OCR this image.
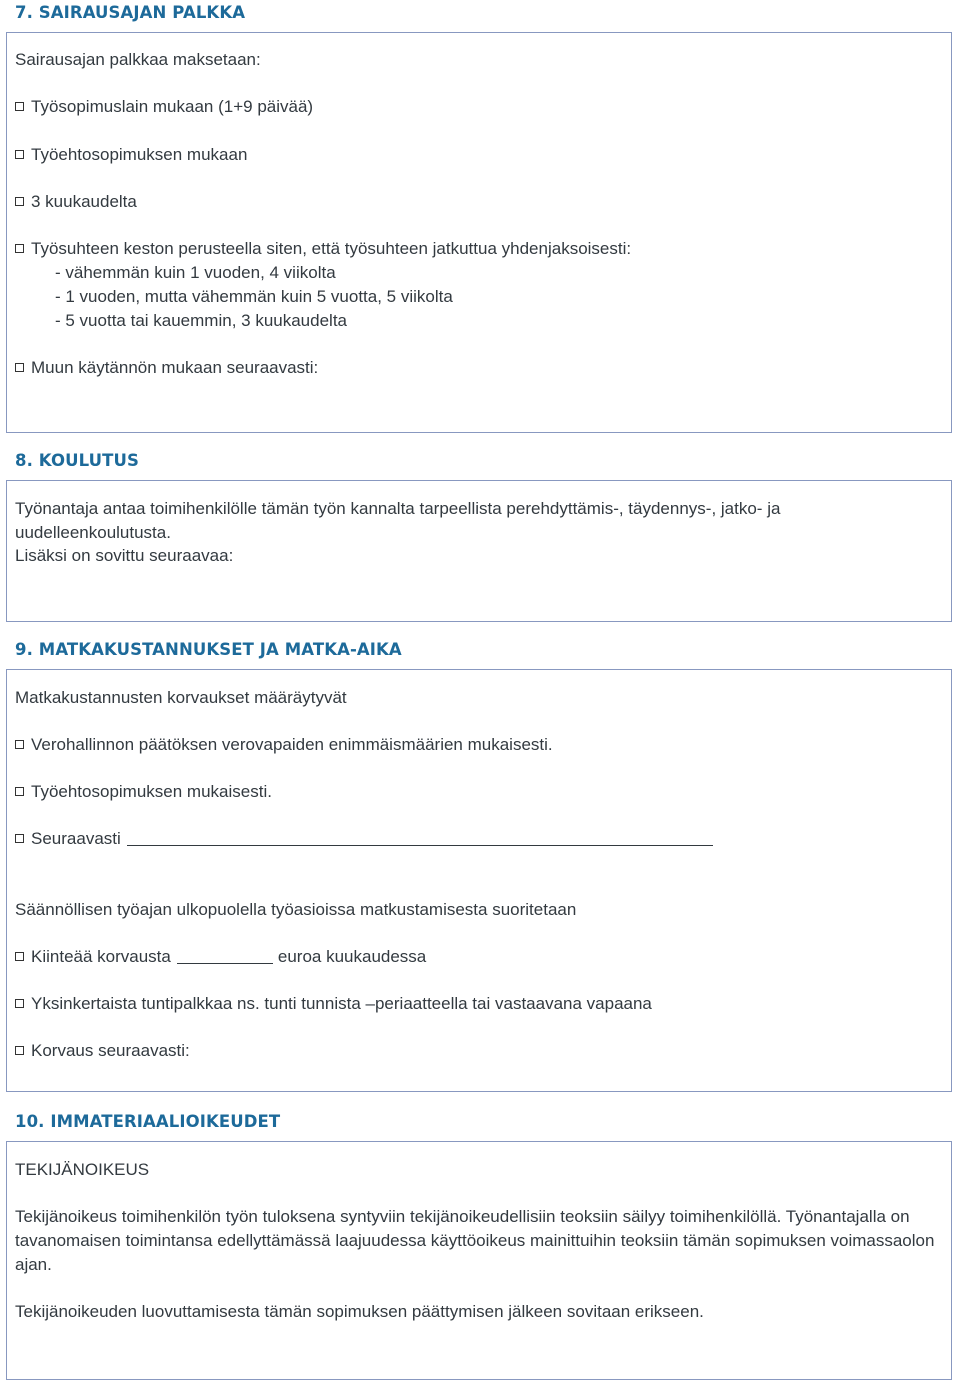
7. SAIRAUSAJAN PALKKA

Sairausajan palkkaa maksetaan:

Työsopimuslain mukaan (1+9 päivää)

Työehtosopimuksen mukaan

3 kuukaudelta

Työsuhteen keston perusteella siten, että työsuhteen jatkuttua yhdenjaksoisesti:

- vähemmän kuin 1 vuoden, 4 viikolta

- 1 vuoden, mutta vähemmän kuin 5 vuotta, 5 viikolta

- 5 vuotta tai kauemmin, 3 kuukaudelta

Muun käytännön mukaan seuraavasti:

8. KOULUTUS

Työnantaja antaa toimihenkilölle tämän työn kannalta tarpeellista perehdyttämis-, täydennys-, jatko- ja uudelleenkoulutusta.

Lisäksi on sovittu seuraavaa:

9. MATKAKUSTANNUKSET JA MATKA-AIKA

Matkakustannusten korvaukset määräytyvät

Verohallinnon päätöksen verovapaiden enimmäismäärien mukaisesti.

Työehtosopimuksen mukaisesti.

Seuraavasti

Säännöllisen työajan ulkopuolella työasioissa matkustamisesta suoritetaan

Kiinteää korvausta	euroa kuukaudessa

Yksinkertaista tuntipalkkaa ns. tunti tunnista –periaatteella tai vastaavana vapaana

Korvaus seuraavasti:

10. IMMATERIAALIOIKEUDET

TEKIJÄNOIKEUS

Tekijänoikeus toimihenkilön työn tuloksena syntyviin tekijänoikeudellisiin teoksiin säilyy toimihenkilöllä. Työnantajalla on tavanomaisen toimintansa edellyttämässä laajuudessa käyttöoikeus mainittuihin teoksiin tämän sopimuksen voimassaolon ajan.

Tekijänoikeuden luovuttamisesta tämän sopimuksen päättymisen jälkeen sovitaan erikseen.
